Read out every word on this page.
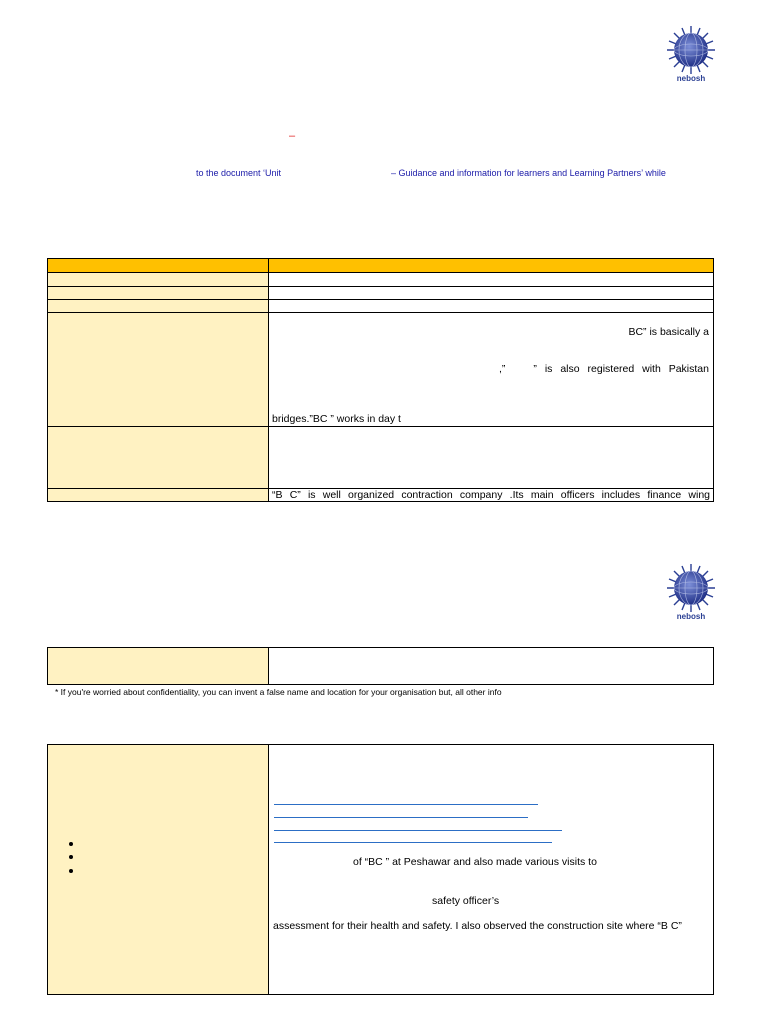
nebosh
–
to the document ‘Unit	– Guidance and information for learners and Learning Partners’ while

	BC” is basically a
,” ” is also registered with Pakistan
bridges.”BC ” works in day t

	“B C” is well organized contraction company .Its main officers includes finance wing
nebosh

* If you're worried about confidentiality, you can invent a false name and location for your organisation but, all other info

of “BC ” at Peshawar and also made various visits to
safety officer’s
assessment for their health and safety. I also observed the construction site where “B C”
